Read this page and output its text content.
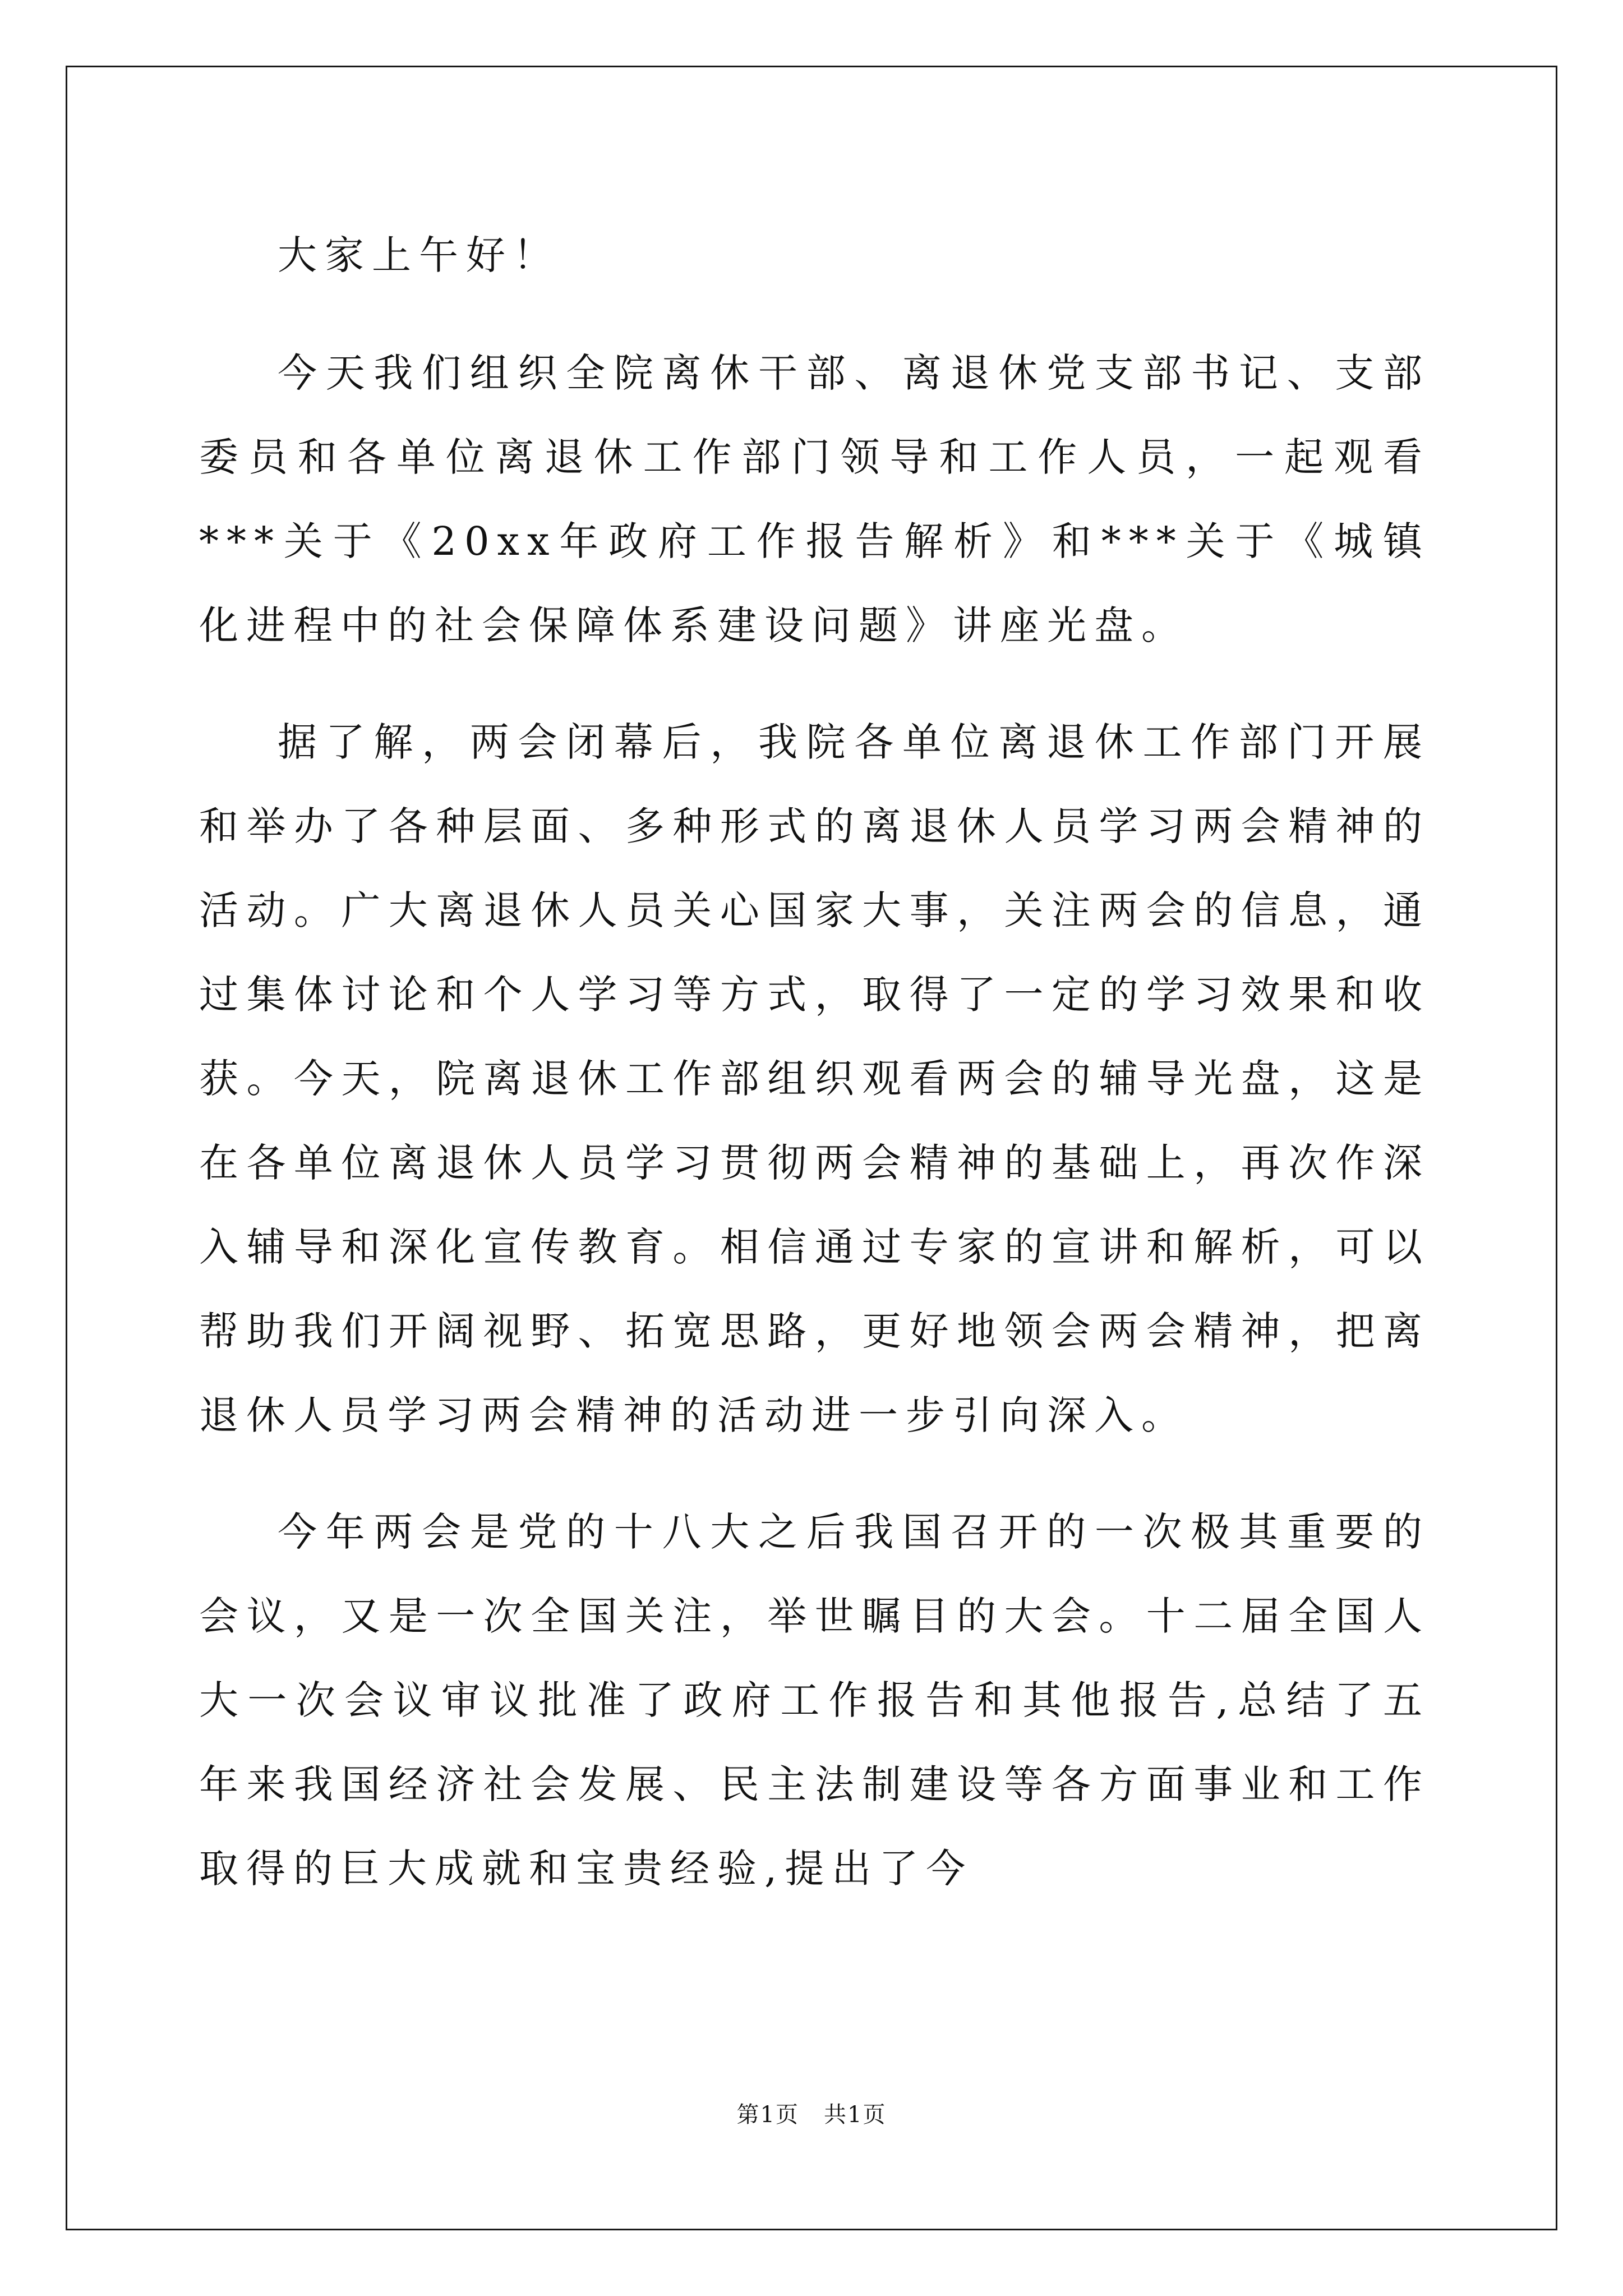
大家上午好！

今天我们组织全院离休干部、离退休党支部书记、支部委员和各单位离退休工作部门领导和工作人员，一起观看***关于《20xx年政府工作报告解析》和***关于《城镇化进程中的社会保障体系建设问题》讲座光盘。

据了解，两会闭幕后，我院各单位离退休工作部门开展和举办了各种层面、多种形式的离退休人员学习两会精神的活动。广大离退休人员关心国家大事，关注两会的信息，通过集体讨论和个人学习等方式，取得了一定的学习效果和收获。今天，院离退休工作部组织观看两会的辅导光盘，这是在各单位离退休人员学习贯彻两会精神的基础上，再次作深入辅导和深化宣传教育。相信通过专家的宣讲和解析，可以帮助我们开阔视野、拓宽思路，更好地领会两会精神，把离退休人员学习两会精神的活动进一步引向深入。

今年两会是党的十八大之后我国召开的一次极其重要的会议，又是一次全国关注，举世瞩目的大会。十二届全国人大一次会议审议批准了政府工作报告和其他报告,总结了五年来我国经济社会发展、民主法制建设等各方面事业和工作取得的巨大成就和宝贵经验,提出了今

第1页 共1页
